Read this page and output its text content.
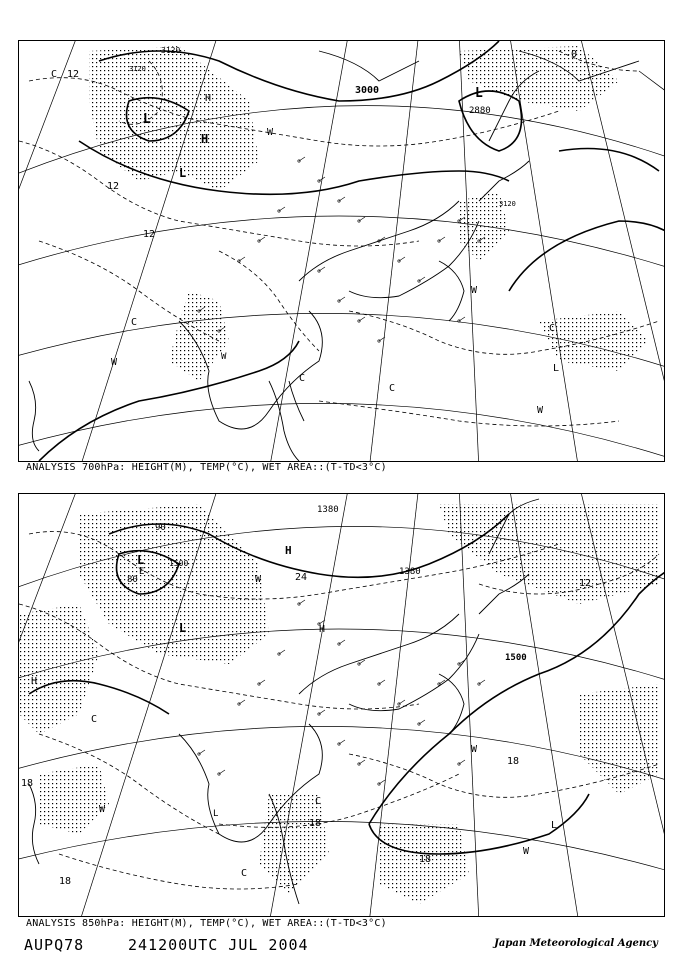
3000
2880
3120
3120
3120
12
12
12
0
C
C
C
C
W
W
W
W
L
L
L
H
H
L
W
C
ANALYSIS 700hPa: HEIGHT(M), TEMP(°C), WET AREA::(T-TD<3°C)
1380
1380
1500
90
80
1500
24
12
18
18
18
18
18
C
C
C
W
W
W
W
L
L
L
H
H
H
L
E
ANALYSIS 850hPa: HEIGHT(M), TEMP(°C), WET AREA::(T-TD<3°C)
AUPQ78	241200UTC JUL 2004	Japan Meteorological Agency
